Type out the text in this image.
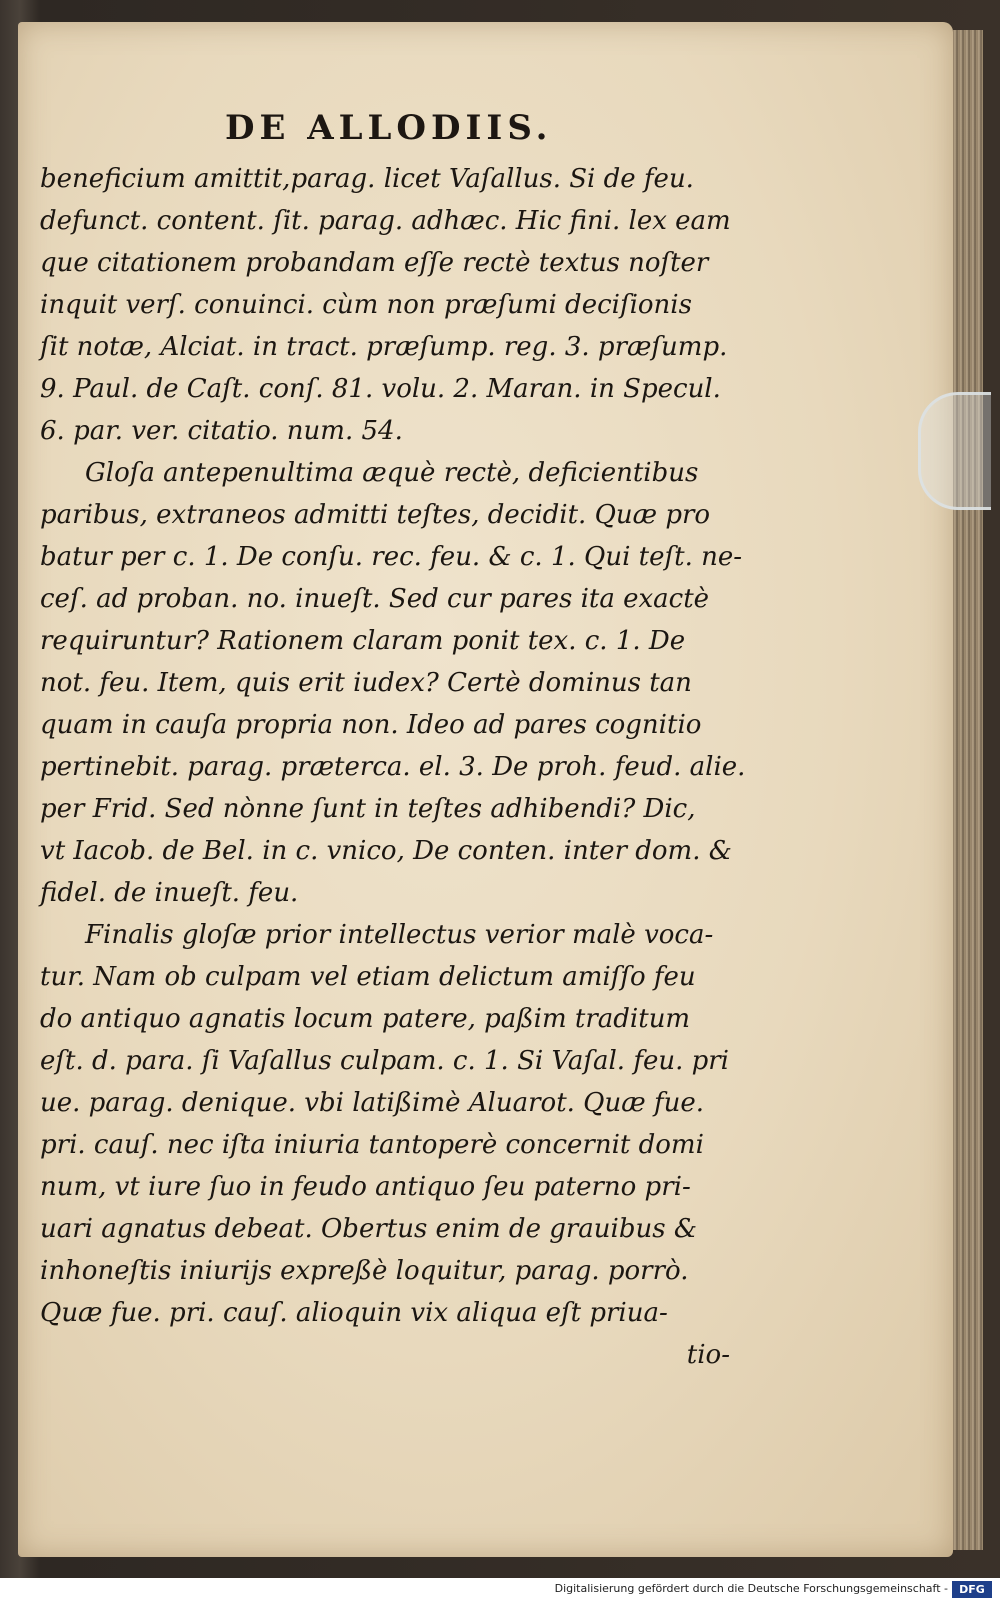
DE ALLODIIS.
beneficium amittit,parag. licet Vaſallus. Si de feu.
defunct. content. ſit. parag. adhæc. Hic fini. lex eam
que citationem probandam eſſe rectè textus noſter
inquit verſ. conuinci. cùm non præſumi deciſionis
ſit notæ, Alciat. in tract. præſump. reg. 3. præſump.
9. Paul. de Caſt. conſ. 81. volu. 2. Maran. in Specul.
6. par. ver. citatio. num. 54.
Gloſa antepenultima æquè rectè, deficientibus
paribus, extraneos admitti teſtes, decidit. Quæ pro
batur per c. 1. De conſu. rec. feu. & c. 1. Qui teſt. ne-
ceſ. ad proban. no. inueſt. Sed cur pares ita exactè
requiruntur? Rationem claram ponit tex. c. 1. De
not. feu. Item, quis erit iudex? Certè dominus tan
quam in cauſa propria non. Ideo ad pares cognitio
pertinebit. parag. præterca. el. 3. De proh. feud. alie.
per Frid. Sed nònne ſunt in teſtes adhibendi? Dic,
vt Iacob. de Bel. in c. vnico, De conten. inter dom. &
fidel. de inueſt. feu.
Finalis gloſæ prior intellectus verior malè voca-
tur. Nam ob culpam vel etiam delictum amiſſo feu
do antiquo agnatis locum patere, paßim traditum
eſt. d. para. ſi Vaſallus culpam. c. 1. Si Vaſal. feu. pri
ue. parag. denique. vbi latißimè Aluarot. Quæ fue.
pri. cauſ. nec iſta iniuria tantoperè concernit domi
num, vt iure ſuo in feudo antiquo ſeu paterno pri-
uari agnatus debeat. Obertus enim de grauibus &
inhoneſtis iniurijs expreßè loquitur, parag. porrò.
Quæ fue. pri. cauſ. alioquin vix aliqua eſt priua-
tio-
Digitalisierung gefördert durch die Deutsche Forschungsgemeinschaft -	DFG
